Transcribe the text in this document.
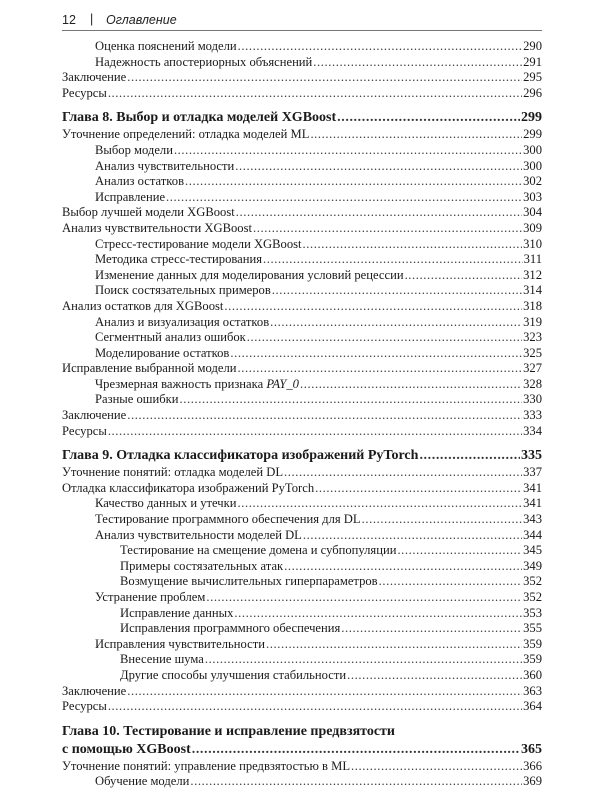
12 | Оглавление
Оценка пояснений модели .....	290
Надежность апостериорных объяснений .....	291
Заключение .....	295
Ресурсы .....	296
Глава 8. Выбор и отладка моделей XGBoost .....	299
Уточнение определений: отладка моделей ML .....	299
Выбор модели .....	300
Анализ чувствительности .....	300
Анализ остатков .....	302
Исправление .....	303
Выбор лучшей модели XGBoost .....	304
Анализ чувствительности XGBoost .....	309
Стресс-тестирование модели XGBoost .....	310
Методика стресс-тестирования .....	311
Изменение данных для моделирования условий рецессии .....	312
Поиск состязательных примеров .....	314
Анализ остатков для XGBoost .....	318
Анализ и визуализация остатков .....	319
Сегментный анализ ошибок .....	323
Моделирование остатков .....	325
Исправление выбранной модели .....	327
Чрезмерная важность признака PAY_0 .....	328
Разные ошибки .....	330
Заключение .....	333
Ресурсы .....	334
Глава 9. Отладка классификатора изображений PyTorch .....	335
Уточнение понятий: отладка моделей DL .....	337
Отладка классификатора изображений PyTorch .....	341
Качество данных и утечки .....	341
Тестирование программного обеспечения для DL .....	343
Анализ чувствительности моделей DL .....	344
Тестирование на смещение домена и субпопуляции .....	345
Примеры состязательных атак .....	349
Возмущение вычислительных гиперпараметров .....	352
Устранение проблем .....	352
Исправление данных .....	353
Исправления программного обеспечения .....	355
Исправления чувствительности .....	359
Внесение шума .....	359
Другие способы улучшения стабильности .....	360
Заключение .....	363
Ресурсы .....	364
Глава 10. Тестирование и исправление предвзятости
с помощью XGBoost .....	365
Уточнение понятий: управление предвзятостью в ML .....	366
Обучение модели .....	369
